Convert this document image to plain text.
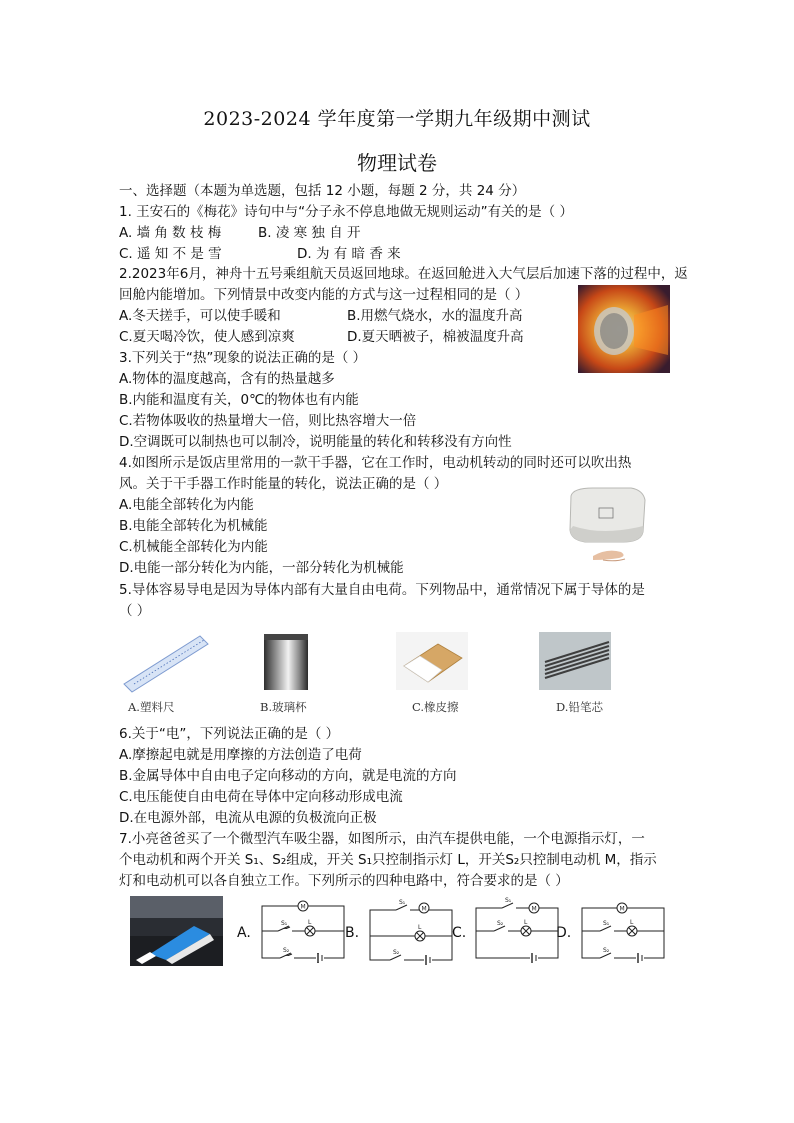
2023-2024 学年度第一学期九年级期中测试
物理试卷
一、选择题（本题为单选题，包括 12 小题，每题 2 分，共 24 分）
1. 王安石的《梅花》诗句中与“分子永不停息地做无规则运动”有关的是（ ）
A. 墙 角 数 枝 梅	B. 凌 寒 独 自 开
C. 遥 知 不 是 雪	D. 为 有 暗 香 来
2.2023年6月，神舟十五号乘组航天员返回地球。在返回舱进入大气层后加速下落的过程中，返
回舱内能增加。下列情景中改变内能的方式与这一过程相同的是（ ）
A.冬天搓手，可以使手暖和	B.用燃气烧水，水的温度升高
C.夏天喝冷饮，使人感到凉爽	D.夏天晒被子，棉被温度升高
3.下列关于“热”现象的说法正确的是（ ）
A.物体的温度越高，含有的热量越多
B.内能和温度有关，0℃的物体也有内能
C.若物体吸收的热量增大一倍，则比热容增大一倍
D.空调既可以制热也可以制冷，说明能量的转化和转移没有方向性
4.如图所示是饭店里常用的一款干手器，它在工作时，电动机转动的同时还可以吹出热
风。关于干手器工作时能量的转化，说法正确的是（ ）
A.电能全部转化为内能
B.电能全部转化为机械能
C.机械能全部转化为内能
D.电能一部分转化为内能，一部分转化为机械能
5.导体容易导电是因为导体内部有大量自由电荷。下列物品中，通常情况下属于导体的是
（ ）
A.塑料尺	B.玻璃杯	C.橡皮擦	D.铅笔芯
6.关于“电”，下列说法正确的是（ ）
A.摩擦起电就是用摩擦的方法创造了电荷
B.金属导体中自由电子定向移动的方向，就是电流的方向
C.电压能使自由电荷在导体中定向移动形成电流
D.在电源外部，电流从电源的负极流向正极
7.小亮爸爸买了一个微型汽车吸尘器，如图所示，由汽车提供电能，一个电源指示灯，一
个电动机和两个开关 S₁、S₂组成，开关 S₁只控制指示灯 L，开关S₂只控制电动机 M，指示
灯和电动机可以各自独立工作。下列所示的四种电路中，符合要求的是（ ）
A.	B.	C.	D.
M
S₁	L
S₂
M
S₁
L
S₂
M
S₁
L
S₂
M
S₁	L
S₂
